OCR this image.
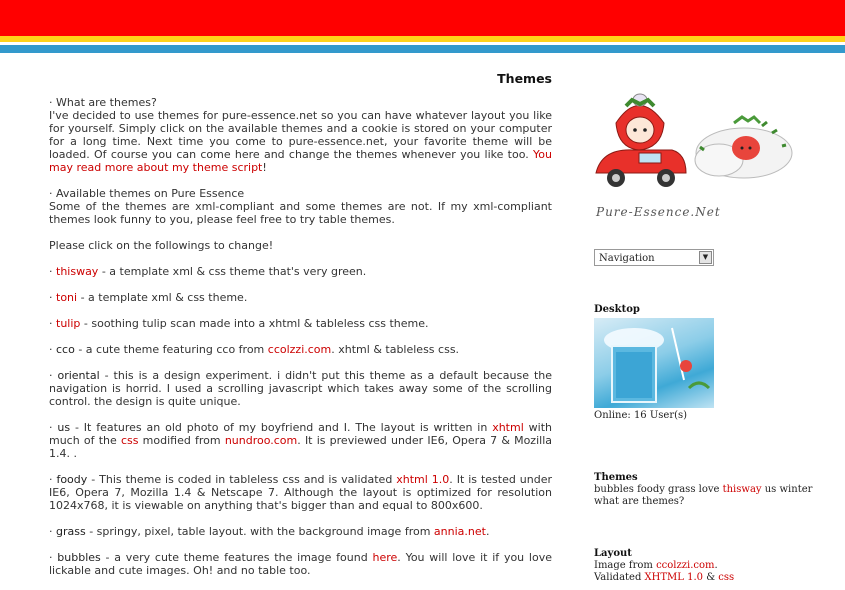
Themes

· What are themes?
I've decided to use themes for pure-essence.net so you can have whatever layout you like for yourself. Simply click on the available themes and a cookie is stored on your computer for a long time. Next time you come to pure-essence.net, your favorite theme will be loaded. Of course you can come here and change the themes whenever you like too. You may read more about my theme script!

· Available themes on Pure Essence
Some of the themes are xml-compliant and some themes are not. If my xml-compliant themes look funny to you, please feel free to try table themes.

Please click on the followings to change!

· thisway - a template xml & css theme that's very green.

· toni - a template xml & css theme.

· tulip - soothing tulip scan made into a xhtml & tableless css theme.

· cco - a cute theme featuring cco from ccolzzi.com. xhtml & tableless css.

· oriental - this is a design experiment. i didn't put this theme as a default because the navigation is horrid. I used a scrolling javascript which takes away some of the scrolling control. the design is quite unique.

· us - It features an old photo of my boyfriend and I. The layout is written in xhtml with much of the css modified from nundroo.com. It is previewed under IE6, Opera 7 & Mozilla 1.4. .

· foody - This theme is coded in tableless css and is validated xhtml 1.0. It is tested under IE6, Opera 7, Mozilla 1.4 & Netscape 7. Although the layout is optimized for resolution 1024x768, it is viewable on anything that's bigger than and equal to 800x600.

· grass - springy, pixel, table layout. with the background image from annia.net.

· bubbles - a very cute theme features the image found here. You will love it if you love lickable and cute images. Oh! and no table too.

Pure-Essence.Net
Navigation	▼

Desktop

Online: 16 User(s)

Themes

bubbles foody grass love thisway us winter
what are themes?

Layout

Image from ccolzzi.com.
Validated XHTML 1.0 & css
